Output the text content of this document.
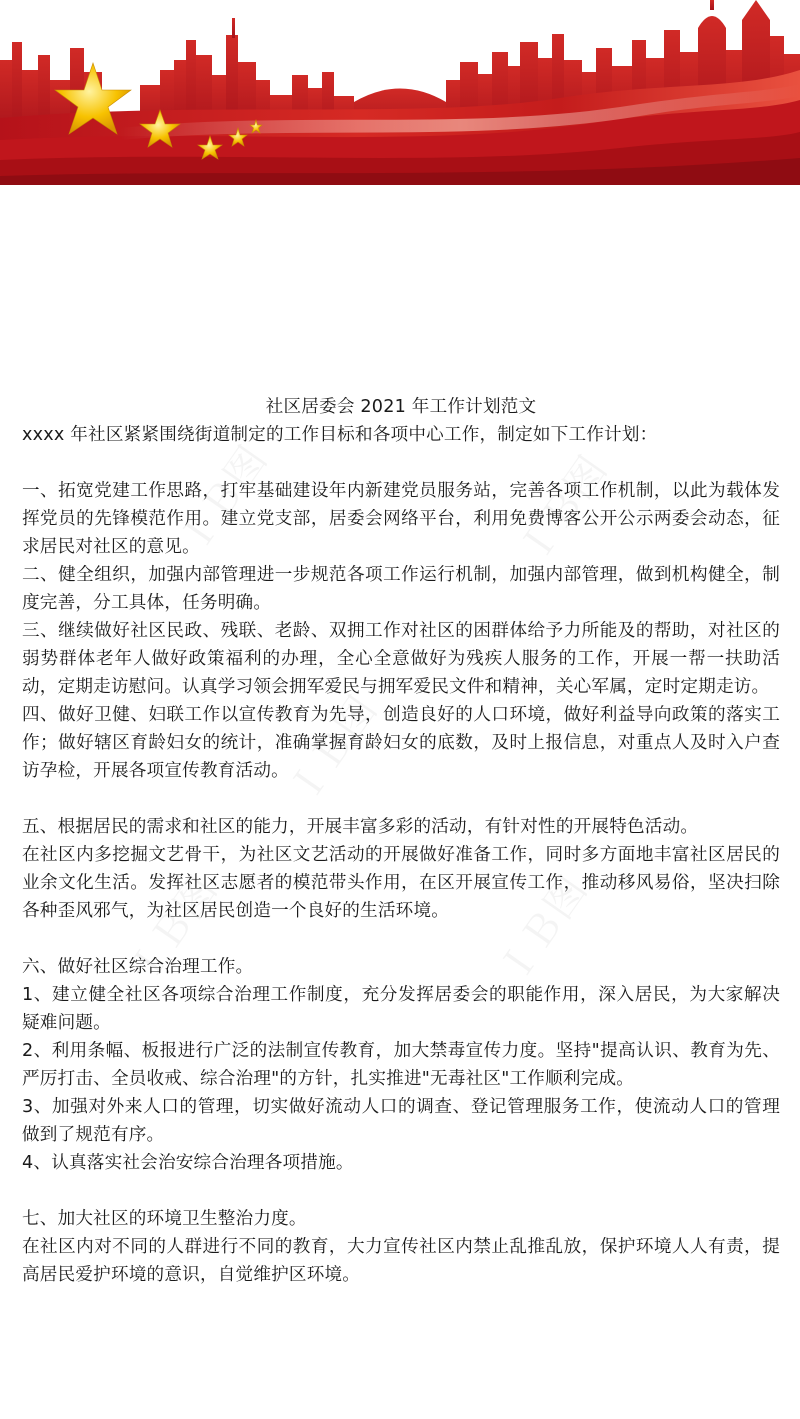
社区居委会 2021 年工作计划范文

xxxx 年社区紧紧围绕街道制定的工作目标和各项中心工作，制定如下工作计划：

一、拓宽党建工作思路，打牢基础建设年内新建党员服务站，完善各项工作机制，以此为载体发挥党员的先锋模范作用。建立党支部，居委会网络平台，利用免费博客公开公示两委会动态，征求居民对社区的意见。

二、健全组织，加强内部管理进一步规范各项工作运行机制，加强内部管理，做到机构健全，制度完善，分工具体，任务明确。

三、继续做好社区民政、残联、老龄、双拥工作对社区的困群体给予力所能及的帮助，对社区的弱势群体老年人做好政策福利的办理，全心全意做好为残疾人服务的工作，开展一帮一扶助活动，定期走访慰问。认真学习领会拥军爱民与拥军爱民文件和精神，关心军属，定时定期走访。

四、做好卫健、妇联工作以宣传教育为先导，创造良好的人口环境，做好利益导向政策的落实工作；做好辖区育龄妇女的统计，准确掌握育龄妇女的底数，及时上报信息，对重点人及时入户查访孕检，开展各项宣传教育活动。

五、根据居民的需求和社区的能力，开展丰富多彩的活动，有针对性的开展特色活动。

在社区内多挖掘文艺骨干，为社区文艺活动的开展做好准备工作，同时多方面地丰富社区居民的业余文化生活。发挥社区志愿者的模范带头作用，在区开展宣传工作，推动移风易俗，坚决扫除各种歪风邪气，为社区居民创造一个良好的生活环境。

六、做好社区综合治理工作。

1、建立健全社区各项综合治理工作制度，充分发挥居委会的职能作用，深入居民，为大家解决疑难问题。

2、利用条幅、板报进行广泛的法制宣传教育，加大禁毒宣传力度。坚持"提高认识、教育为先、严厉打击、全员收戒、综合治理"的方针，扎实推进"无毒社区"工作顺利完成。

3、加强对外来人口的管理，切实做好流动人口的调查、登记管理服务工作，使流动人口的管理做到了规范有序。

4、认真落实社会治安综合治理各项措施。

七、加大社区的环境卫生整治力度。

在社区内对不同的人群进行不同的教育，大力宣传社区内禁止乱推乱放，保护环境人人有责，提高居民爱护环境的意识，自觉维护区环境。
